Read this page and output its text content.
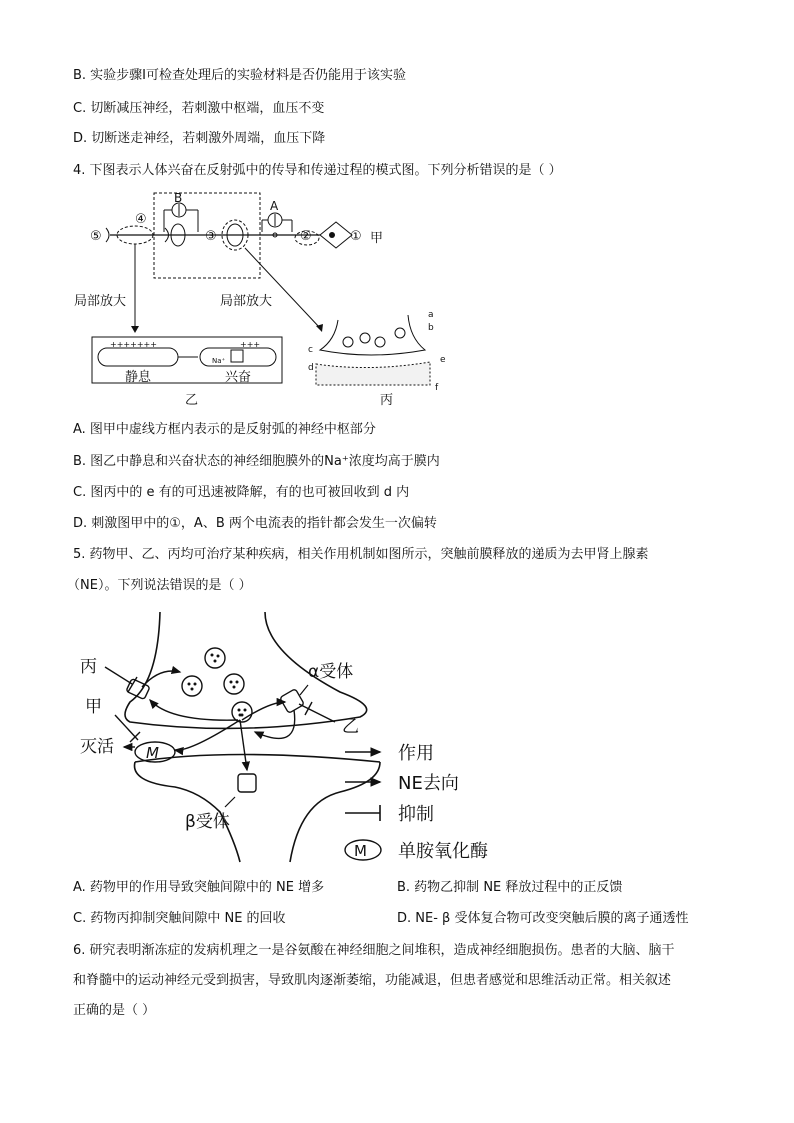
B. 实验步骤Ⅰ可检查处理后的实验材料是否仍能用于该实验
C. 切断减压神经，若刺激中枢端，血压不变
D. 切断迷走神经，若刺激外周端，血压下降
4. 下图表示人体兴奋在反射弧中的传导和传递过程的模式图。下列分析错误的是（ ）
⑤
④
③
B
A
②	① 甲
局部放大	局部放大
+++++++	+++
Na⁺
静息	兴奋
乙
a
b
c
d
e
f
丙
A. 图甲中虚线方框内表示的是反射弧的神经中枢部分
B. 图乙中静息和兴奋状态的神经细胞膜外的Na⁺浓度均高于膜内
C. 图丙中的 e 有的可迅速被降解，有的也可被回收到 d 内
D. 刺激图甲中的①，A、B 两个电流表的指针都会发生一次偏转
5. 药物甲、乙、丙均可治疗某种疾病，相关作用机制如图所示，突触前膜释放的递质为去甲肾上腺素
（NE）。下列说法错误的是（ ）
丙	α受体
乙
M
甲
灭活
β受体
作用
NE去向
抑制
M 单胺氧化酶
A. 药物甲的作用导致突触间隙中的 NE 增多	B. 药物乙抑制 NE 释放过程中的正反馈
C. 药物丙抑制突触间隙中 NE 的回收	D. NE- β 受体复合物可改变突触后膜的离子通透性
6. 研究表明渐冻症的发病机理之一是谷氨酸在神经细胞之间堆积，造成神经细胞损伤。患者的大脑、脑干
和脊髓中的运动神经元受到损害，导致肌肉逐渐萎缩，功能减退，但患者感觉和思维活动正常。相关叙述
正确的是（ ）
